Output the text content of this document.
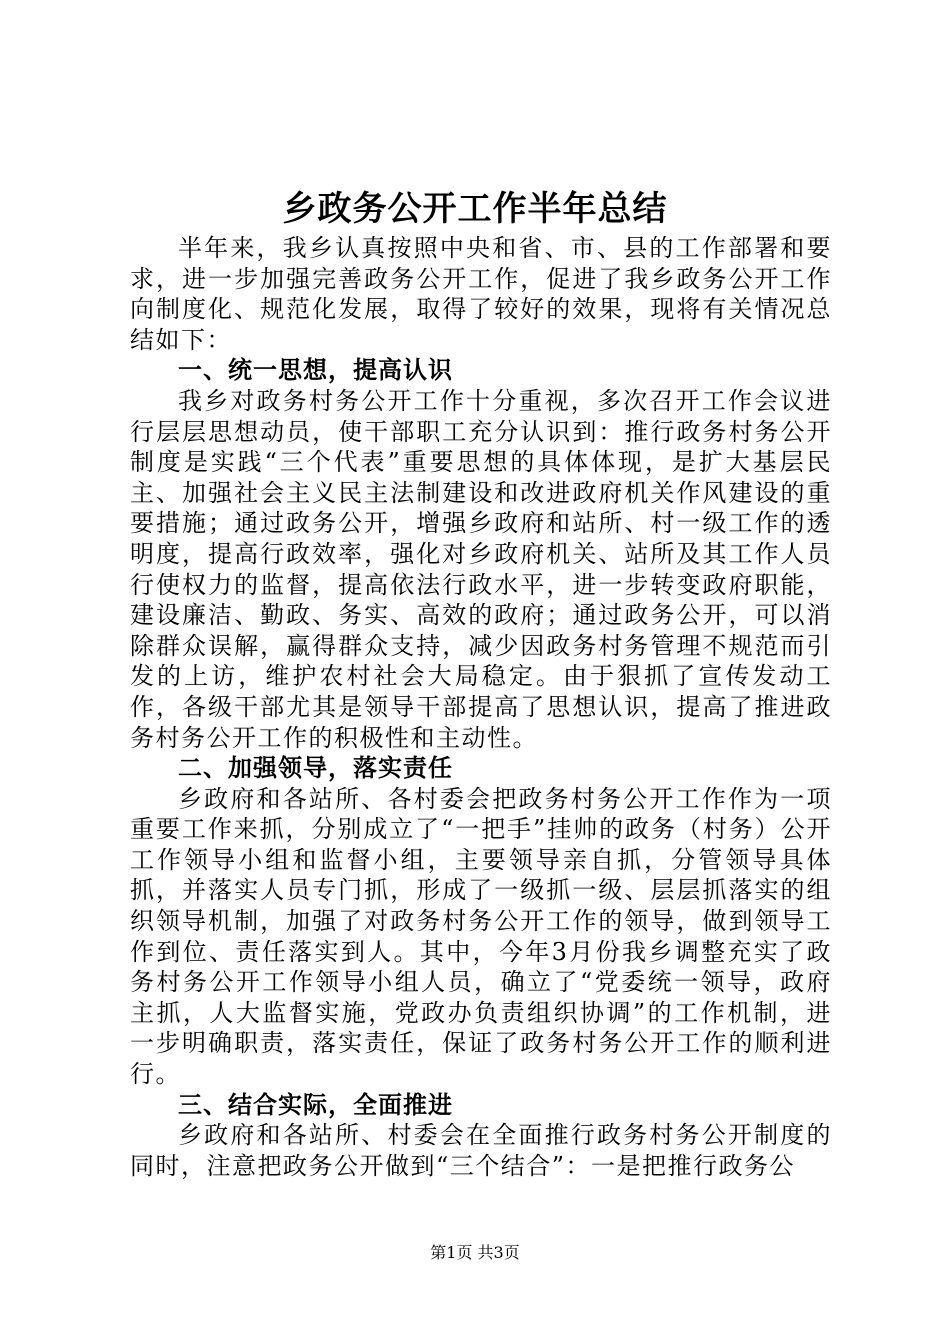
乡政务公开工作半年总结

半年来，我乡认真按照中央和省、市、县的工作部署和要求，进一步加强完善政务公开工作，促进了我乡政务公开工作向制度化、规范化发展，取得了较好的效果，现将有关情况总结如下：

一、统一思想，提高认识

我乡对政务村务公开工作十分重视，多次召开工作会议进行层层思想动员，使干部职工充分认识到：推行政务村务公开制度是实践“三个代表”重要思想的具体体现，是扩大基层民主、加强社会主义民主法制建设和改进政府机关作风建设的重要措施；通过政务公开，增强乡政府和站所、村一级工作的透明度，提高行政效率，强化对乡政府机关、站所及其工作人员行使权力的监督，提高依法行政水平，进一步转变政府职能，建设廉洁、勤政、务实、高效的政府；通过政务公开，可以消除群众误解，赢得群众支持，减少因政务村务管理不规范而引发的上访，维护农村社会大局稳定。由于狠抓了宣传发动工作，各级干部尤其是领导干部提高了思想认识，提高了推进政务村务公开工作的积极性和主动性。

二、加强领导，落实责任

乡政府和各站所、各村委会把政务村务公开工作作为一项重要工作来抓，分别成立了“一把手”挂帅的政务（村务）公开工作领导小组和监督小组，主要领导亲自抓，分管领导具体抓，并落实人员专门抓，形成了一级抓一级、层层抓落实的组织领导机制，加强了对政务村务公开工作的领导，做到领导工作到位、责任落实到人。其中，今年3月份我乡调整充实了政务村务公开工作领导小组人员，确立了“党委统一领导，政府主抓，人大监督实施，党政办负责组织协调”的工作机制，进一步明确职责，落实责任，保证了政务村务公开工作的顺利进行。

三、结合实际，全面推进

乡政府和各站所、村委会在全面推行政务村务公开制度的同时，注意把政务公开做到“三个结合”：一是把推行政务公

第1页 共3页
